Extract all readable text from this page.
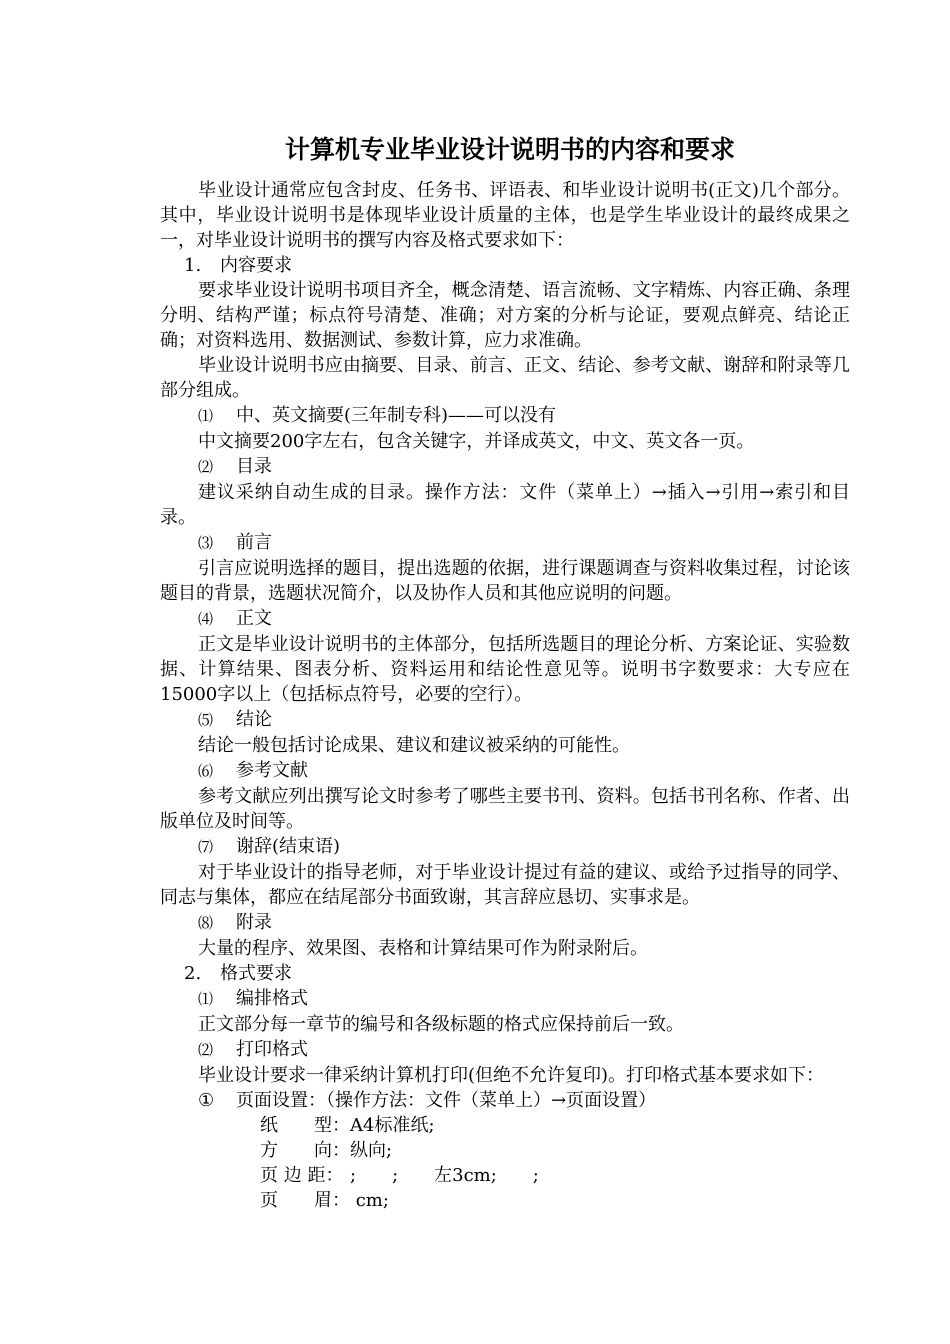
计算机专业毕业设计说明书的内容和要求

毕业设计通常应包含封皮、任务书、评语表、和毕业设计说明书(正文)几个部分。其中，毕业设计说明书是体现毕业设计质量的主体，也是学生毕业设计的最终成果之一，对毕业设计说明书的撰写内容及格式要求如下：

1. 内容要求

要求毕业设计说明书项目齐全，概念清楚、语言流畅、文字精炼、内容正确、条理分明、结构严谨；标点符号清楚、准确；对方案的分析与论证，要观点鲜亮、结论正确；对资料选用、数据测试、参数计算，应力求准确。

毕业设计说明书应由摘要、目录、前言、正文、结论、参考文献、谢辞和附录等几部分组成。

⑴ 中、英文摘要(三年制专科)——可以没有

中文摘要200字左右，包含关键字，并译成英文，中文、英文各一页。

⑵ 目录

建议采纳自动生成的目录。操作方法：文件（菜单上）→插入→引用→索引和目录。

⑶ 前言

引言应说明选择的题目，提出选题的依据，进行课题调查与资料收集过程，讨论该题目的背景，选题状况简介，以及协作人员和其他应说明的问题。

⑷ 正文

正文是毕业设计说明书的主体部分，包括所选题目的理论分析、方案论证、实验数据、计算结果、图表分析、资料运用和结论性意见等。说明书字数要求：大专应在15000字以上（包括标点符号，必要的空行）。

⑸ 结论

结论一般包括讨论成果、建议和建议被采纳的可能性。

⑹ 参考文献

参考文献应列出撰写论文时参考了哪些主要书刊、资料。包括书刊名称、作者、出版单位及时间等。

⑺ 谢辞(结束语)

对于毕业设计的指导老师，对于毕业设计提过有益的建议、或给予过指导的同学、同志与集体，都应在结尾部分书面致谢，其言辞应恳切、实事求是。

⑻ 附录

大量的程序、效果图、表格和计算结果可作为附录附后。

2. 格式要求

⑴ 编排格式

正文部分每一章节的编号和各级标题的格式应保持前后一致。

⑵ 打印格式

毕业设计要求一律采纳计算机打印(但绝不允许复印)。打印格式基本要求如下：

① 页面设置：（操作方法：文件（菜单上）→页面设置）

纸　　型：A4标准纸;

方　　向：纵向;

页 边 距： ;　　;　　左3cm;　　;

页　　眉： cm;
